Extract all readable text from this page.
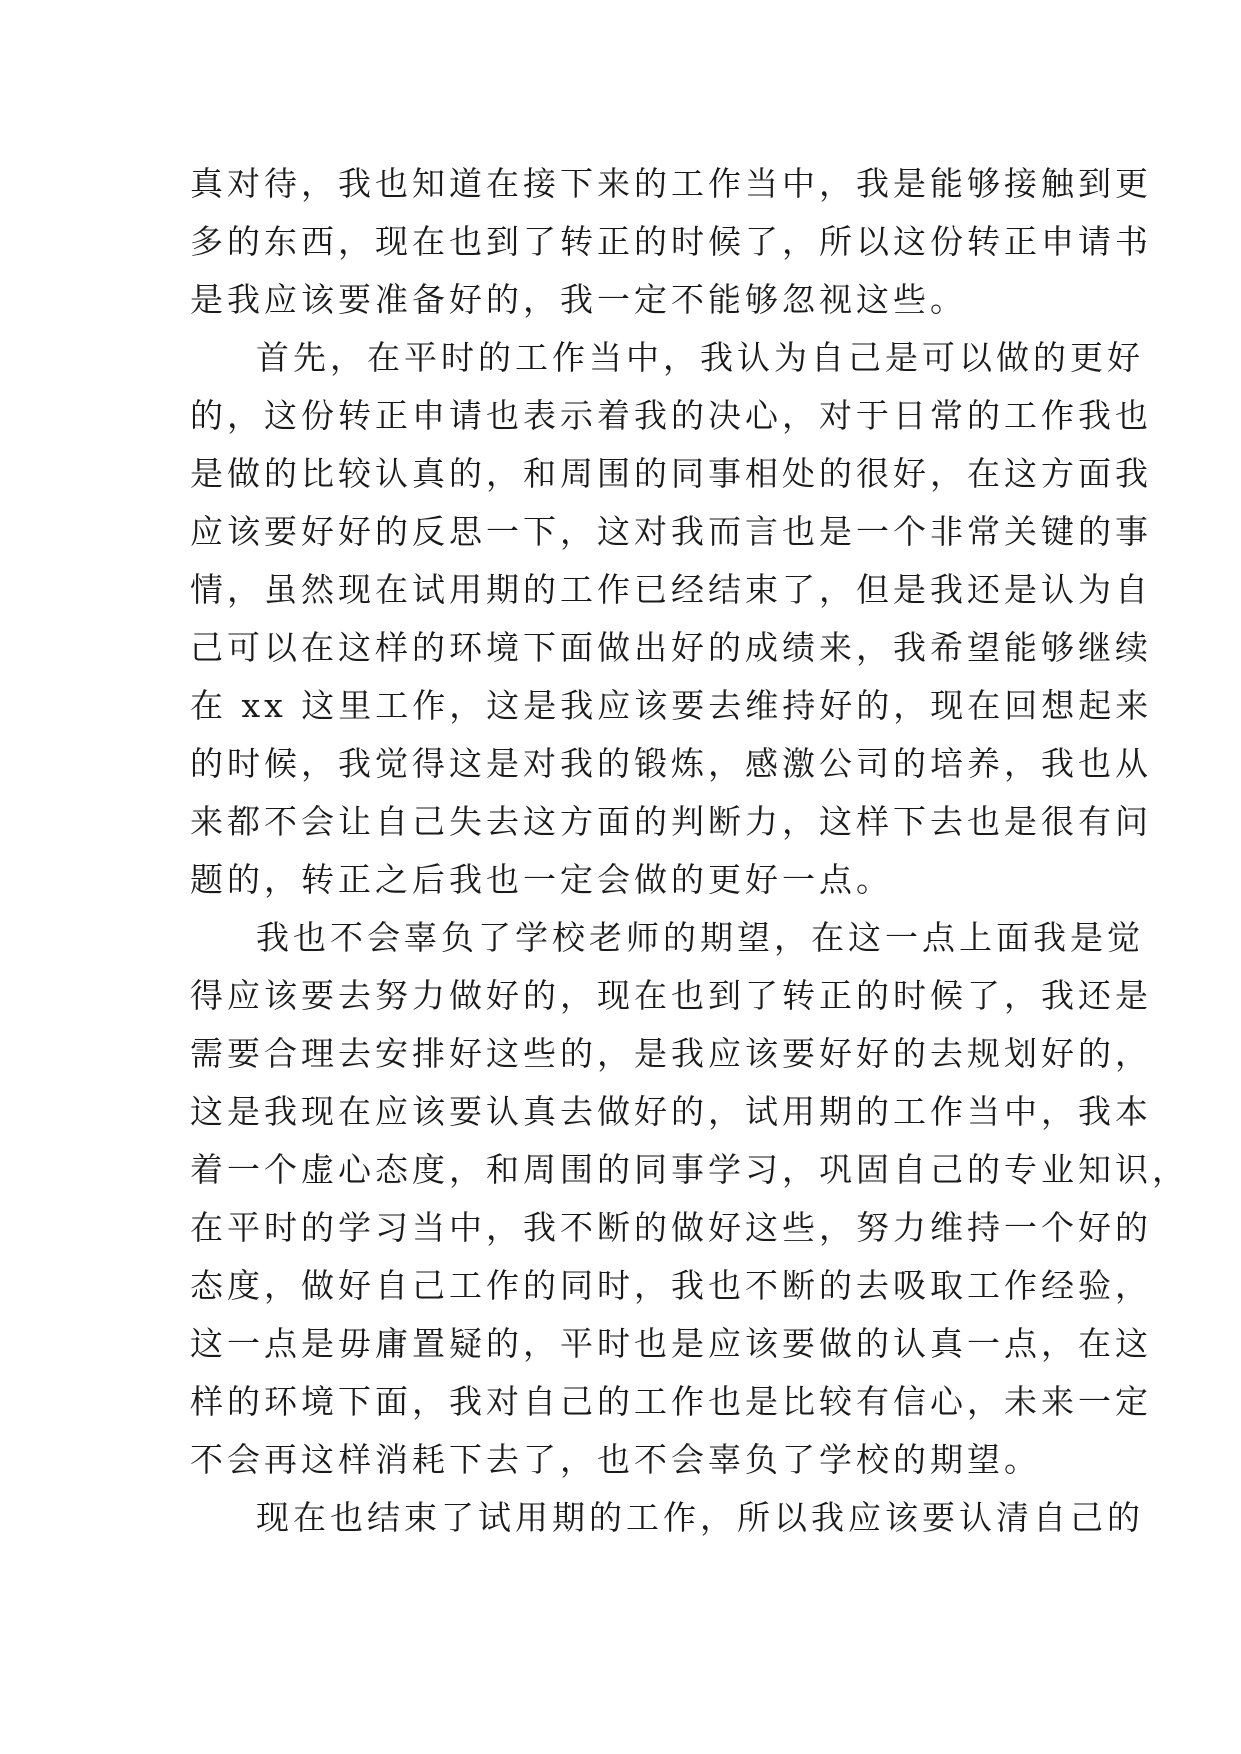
真对待，我也知道在接下来的工作当中，我是能够接触到更
多的东西，现在也到了转正的时候了，所以这份转正申请书
是我应该要准备好的，我一定不能够忽视这些。
首先，在平时的工作当中，我认为自己是可以做的更好
的，这份转正申请也表示着我的决心，对于日常的工作我也
是做的比较认真的，和周围的同事相处的很好，在这方面我
应该要好好的反思一下，这对我而言也是一个非常关键的事
情，虽然现在试用期的工作已经结束了，但是我还是认为自
己可以在这样的环境下面做出好的成绩来，我希望能够继续
在 xx 这里工作，这是我应该要去维持好的，现在回想起来
的时候，我觉得这是对我的锻炼，感激公司的培养，我也从
来都不会让自己失去这方面的判断力，这样下去也是很有问
题的，转正之后我也一定会做的更好一点。
我也不会辜负了学校老师的期望，在这一点上面我是觉
得应该要去努力做好的，现在也到了转正的时候了，我还是
需要合理去安排好这些的，是我应该要好好的去规划好的，
这是我现在应该要认真去做好的，试用期的工作当中，我本
着一个虚心态度，和周围的同事学习，巩固自己的专业知识，
在平时的学习当中，我不断的做好这些，努力维持一个好的
态度，做好自己工作的同时，我也不断的去吸取工作经验，
这一点是毋庸置疑的，平时也是应该要做的认真一点，在这
样的环境下面，我对自己的工作也是比较有信心，未来一定
不会再这样消耗下去了，也不会辜负了学校的期望。
现在也结束了试用期的工作，所以我应该要认清自己的
